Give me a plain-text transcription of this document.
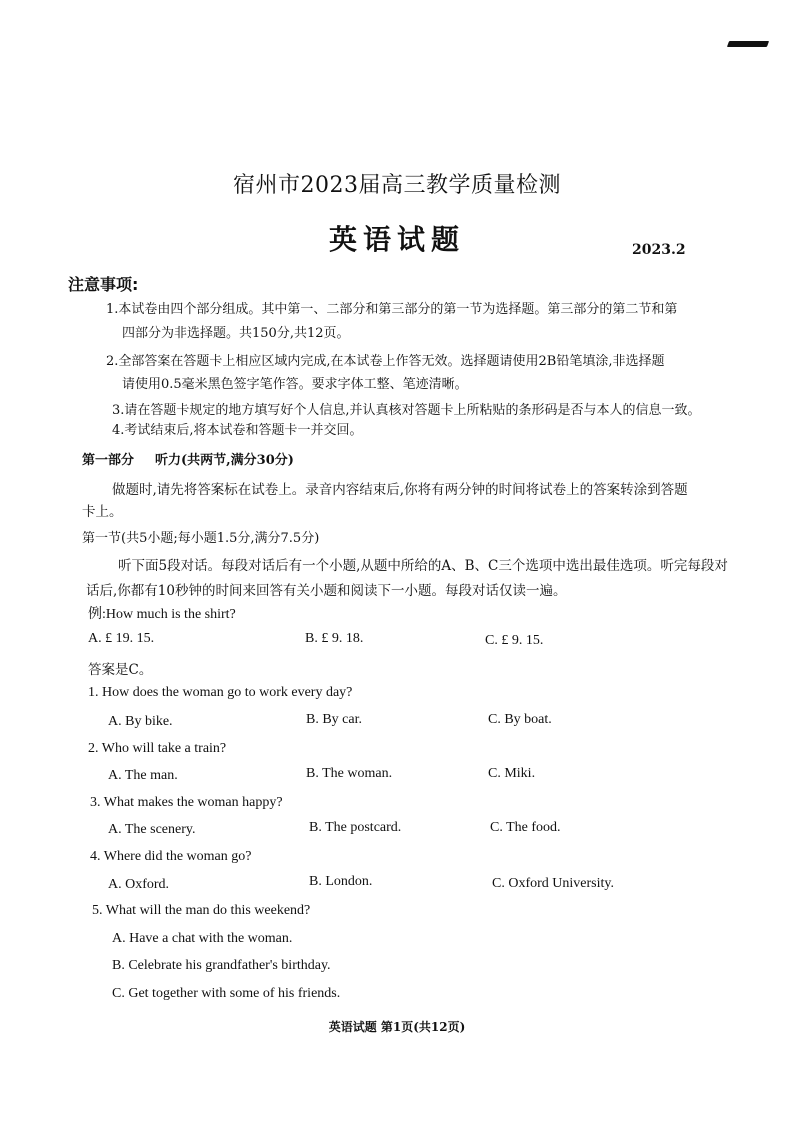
宿州市2023届高三教学质量检测
英语试题	2023.2
注意事项:
1.本试卷由四个部分组成。其中第一、二部分和第三部分的第一节为选择题。第三部分的第二节和第
四部分为非选择题。共150分,共12页。
2.全部答案在答题卡上相应区域内完成,在本试卷上作答无效。选择题请使用2B铅笔填涂,非选择题
请使用0.5毫米黑色签字笔作答。要求字体工整、笔迹清晰。
3.请在答题卡规定的地方填写好个人信息,并认真核对答题卡上所粘贴的条形码是否与本人的信息一致。
4.考试结束后,将本试卷和答题卡一并交回。
第一部分 听力(共两节,满分30分)
做题时,请先将答案标在试卷上。录音内容结束后,你将有两分钟的时间将试卷上的答案转涂到答题
卡上。
第一节(共5小题;每小题1.5分,满分7.5分)
听下面5段对话。每段对话后有一个小题,从题中所给的A、B、C三个选项中选出最佳选项。听完每段对
话后,你都有10秒钟的时间来回答有关小题和阅读下一小题。每段对话仅读一遍。
例:How much is the shirt?
A. £ 19. 15.	B. £ 9. 18.	C. £ 9. 15.
答案是C。
1. How does the woman go to work every day?
A. By bike.	B. By car.	C. By boat.
2. Who will take a train?
A. The man.	B. The woman.	C. Miki.
3. What makes the woman happy?
A. The scenery.	B. The postcard.	C. The food.
4. Where did the woman go?
A. Oxford.	B. London.	C. Oxford University.
5. What will the man do this weekend?
A. Have a chat with the woman.
B. Celebrate his grandfather's birthday.
C. Get together with some of his friends.
英语试题 第1页(共12页)
